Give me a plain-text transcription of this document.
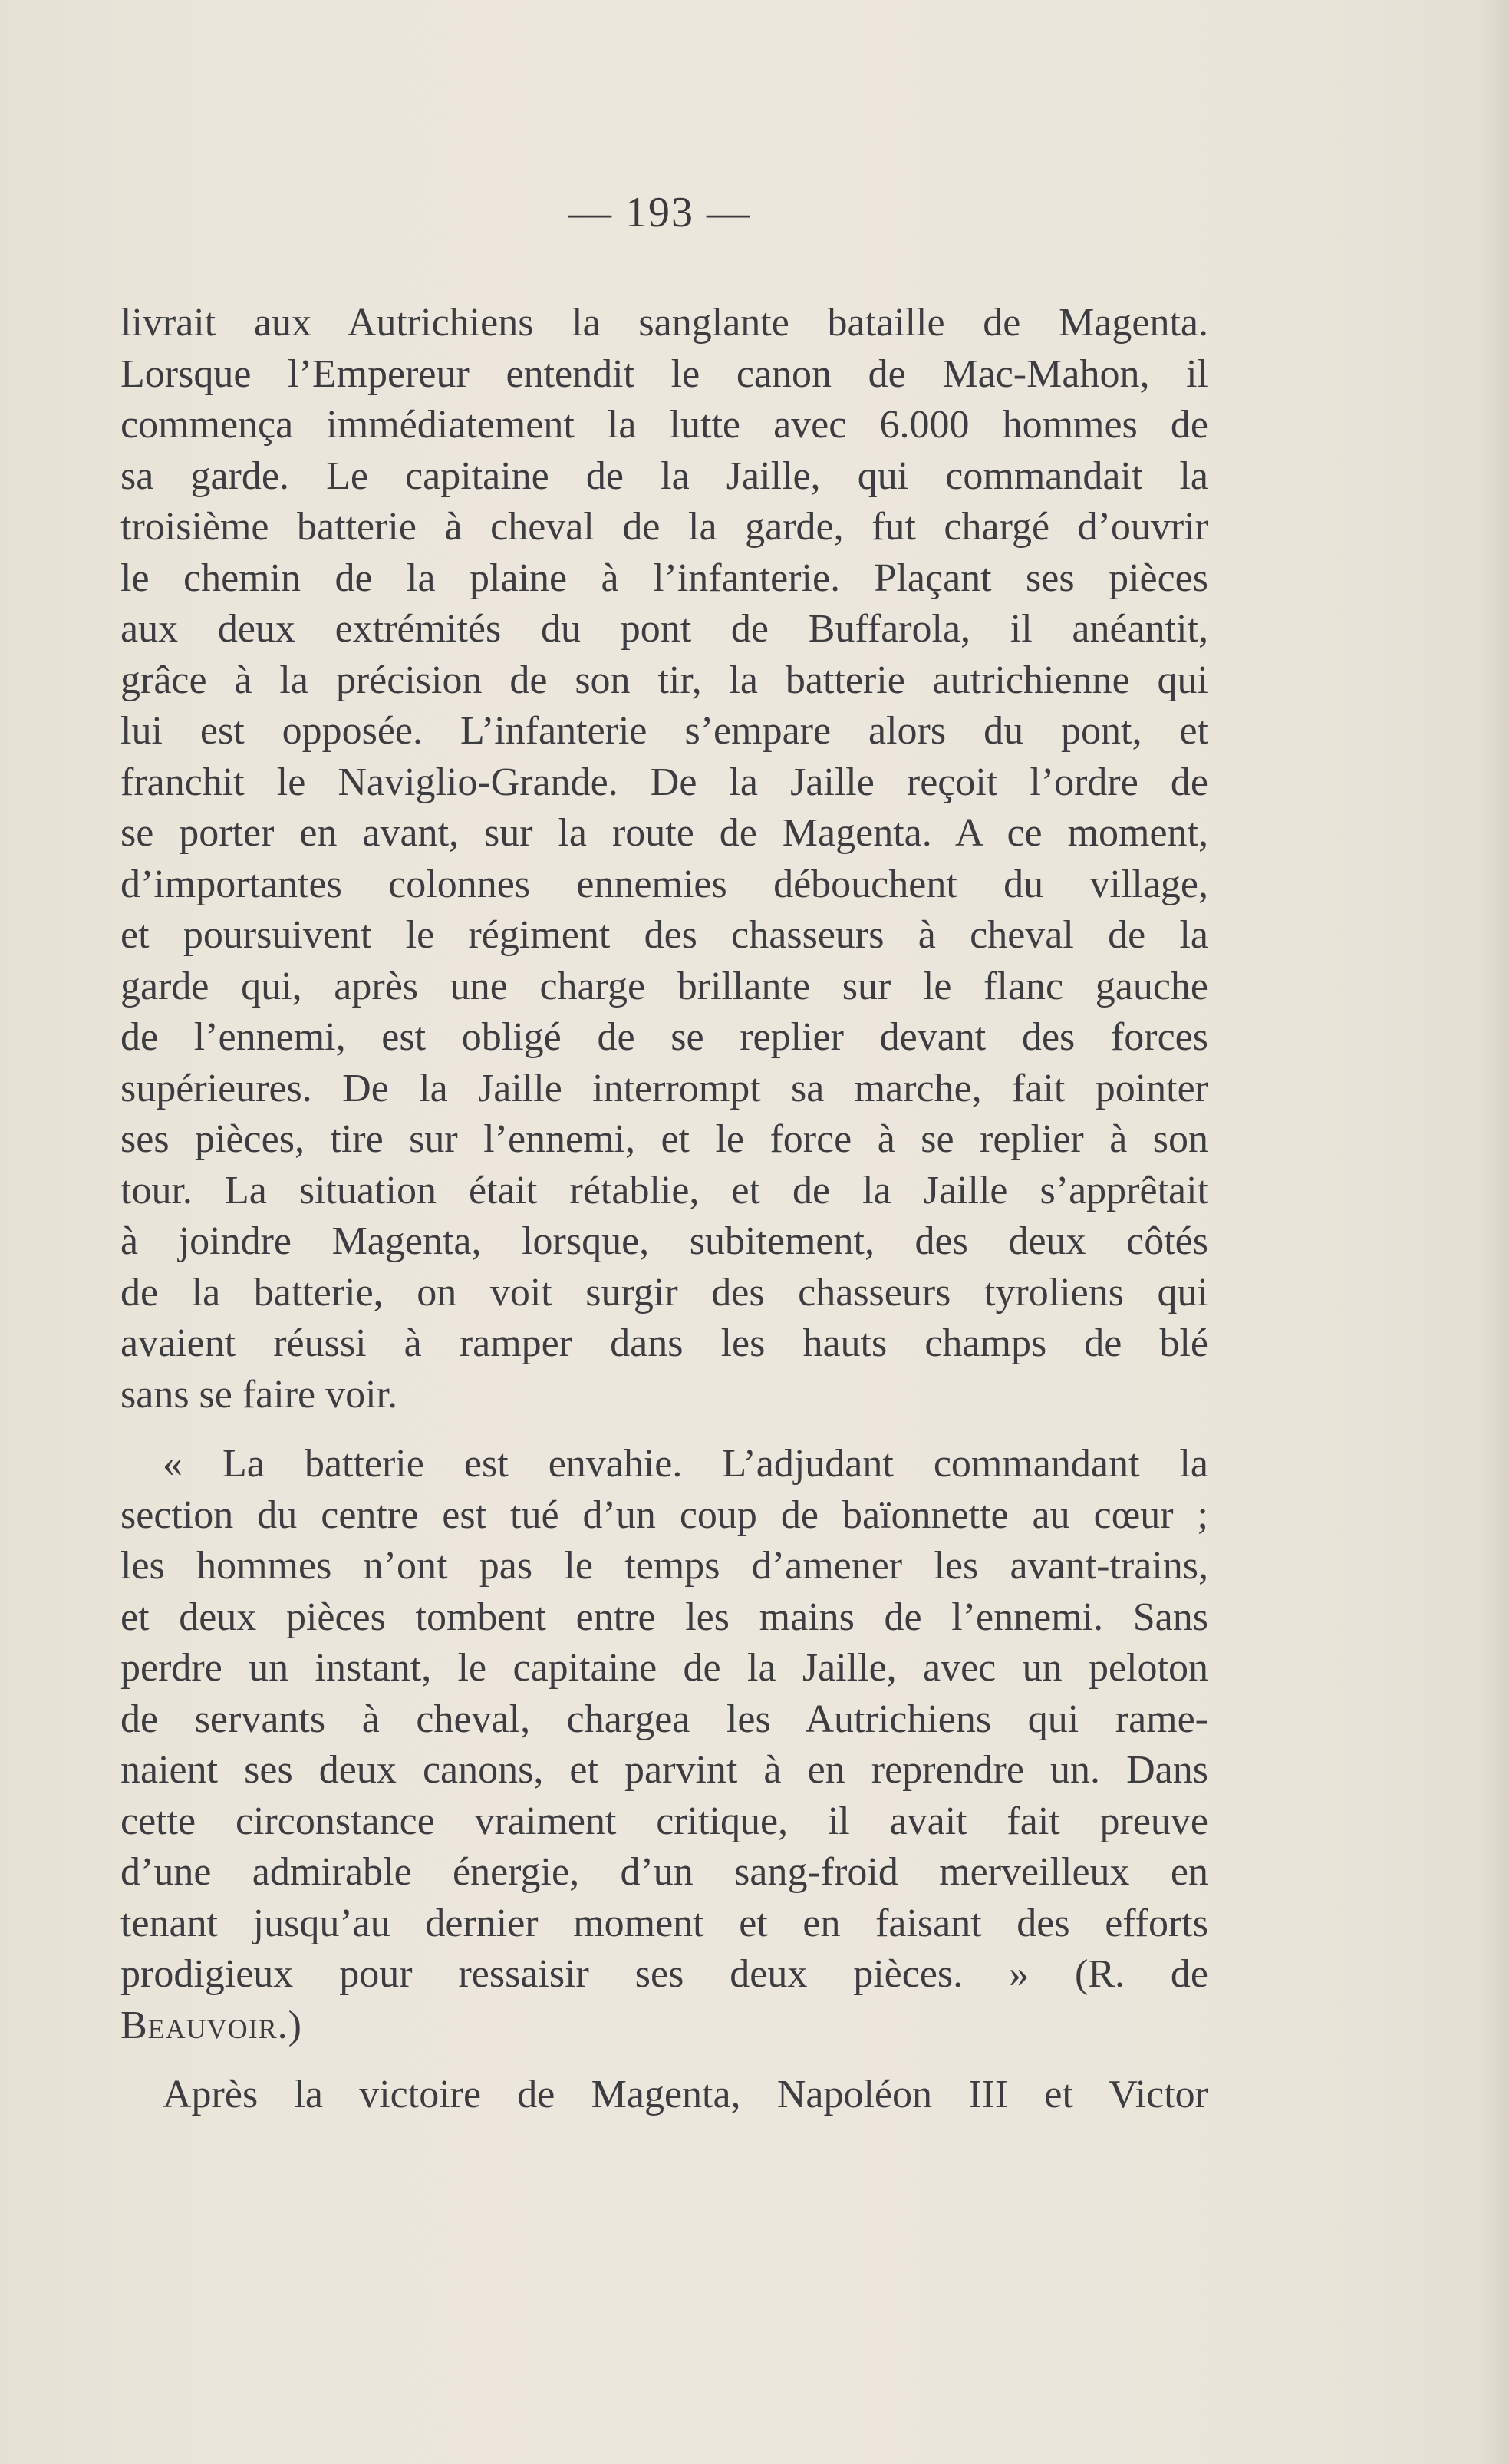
— 193 —

livrait aux Autrichiens la sanglante bataille de Magenta.
Lorsque l’Empereur entendit le canon de Mac-Mahon, il
commença immédiatement la lutte avec 6.000 hommes de
sa garde. Le capitaine de la Jaille, qui commandait la
troisième batterie à cheval de la garde, fut chargé d’ouvrir
le chemin de la plaine à l’infanterie. Plaçant ses pièces
aux deux extrémités du pont de Buffarola, il anéantit,
grâce à la précision de son tir, la batterie autrichienne qui
lui est opposée. L’infanterie s’empare alors du pont, et
franchit le Naviglio-Grande. De la Jaille reçoit l’ordre de
se porter en avant, sur la route de Magenta. A ce moment,
d’importantes colonnes ennemies débouchent du village,
et poursuivent le régiment des chasseurs à cheval de la
garde qui, après une charge brillante sur le flanc gauche
de l’ennemi, est obligé de se replier devant des forces
supérieures. De la Jaille interrompt sa marche, fait pointer
ses pièces, tire sur l’ennemi, et le force à se replier à son
tour. La situation était rétablie, et de la Jaille s’apprêtait
à joindre Magenta, lorsque, subitement, des deux côtés
de la batterie, on voit surgir des chasseurs tyroliens qui
avaient réussi à ramper dans les hauts champs de blé
sans se faire voir.

« La batterie est envahie. L’adjudant commandant la
section du centre est tué d’un coup de baïonnette au cœur ;
les hommes n’ont pas le temps d’amener les avant-trains,
et deux pièces tombent entre les mains de l’ennemi. Sans
perdre un instant, le capitaine de la Jaille, avec un peloton
de servants à cheval, chargea les Autrichiens qui rame-
naient ses deux canons, et parvint à en reprendre un. Dans
cette circonstance vraiment critique, il avait fait preuve
d’une admirable énergie, d’un sang-froid merveilleux en
tenant jusqu’au dernier moment et en faisant des efforts
prodigieux pour ressaisir ses deux pièces. » (R. de
Beauvoir.)

Après la victoire de Magenta, Napoléon III et Victor
